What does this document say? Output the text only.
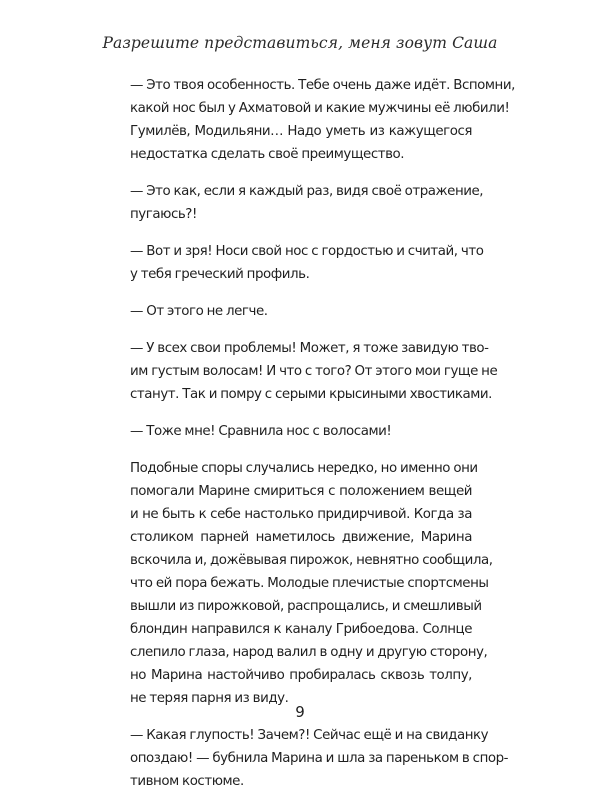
Разрешите представиться, меня зовут Саша

— Это твоя особенность. Тебе очень даже идёт. Вспомни,
какой нос был у Ахматовой и какие мужчины её любили!
Гумилёв, Модильяни… Надо уметь из кажущегося
недостатка сделать своё преимущество.

— Это как, если я каждый раз, видя своё отражение,
пугаюсь?!

— Вот и зря! Носи свой нос с гордостью и считай, что
у тебя греческий профиль.

— От этого не легче.

— У всех свои проблемы! Может, я тоже завидую тво-
им густым волосам! И что с того? От этого мои гуще не
станут. Так и помру с серыми крысиными хвостиками.

— Тоже мне! Сравнила нос с волосами!

Подобные споры случались нередко, но именно они
помогали Марине смириться с положением вещей
и не быть к себе настолько придирчивой. Когда за
столиком парней наметилось движение, Марина
вскочила и, дожёвывая пирожок, невнятно сообщила,
что ей пора бежать. Молодые плечистые спортсмены
вышли из пирожковой, распрощались, и смешливый
блондин направился к каналу Грибоедова. Солнце
слепило глаза, народ валил в одну и другую сторону,
но Марина настойчиво пробиралась сквозь толпу,
не теряя парня из виду.

— Какая глупость! Зачем?! Сейчас ещё и на свиданку
опоздаю! — бубнила Марина и шла за пареньком в спор-
тивном костюме.

9
